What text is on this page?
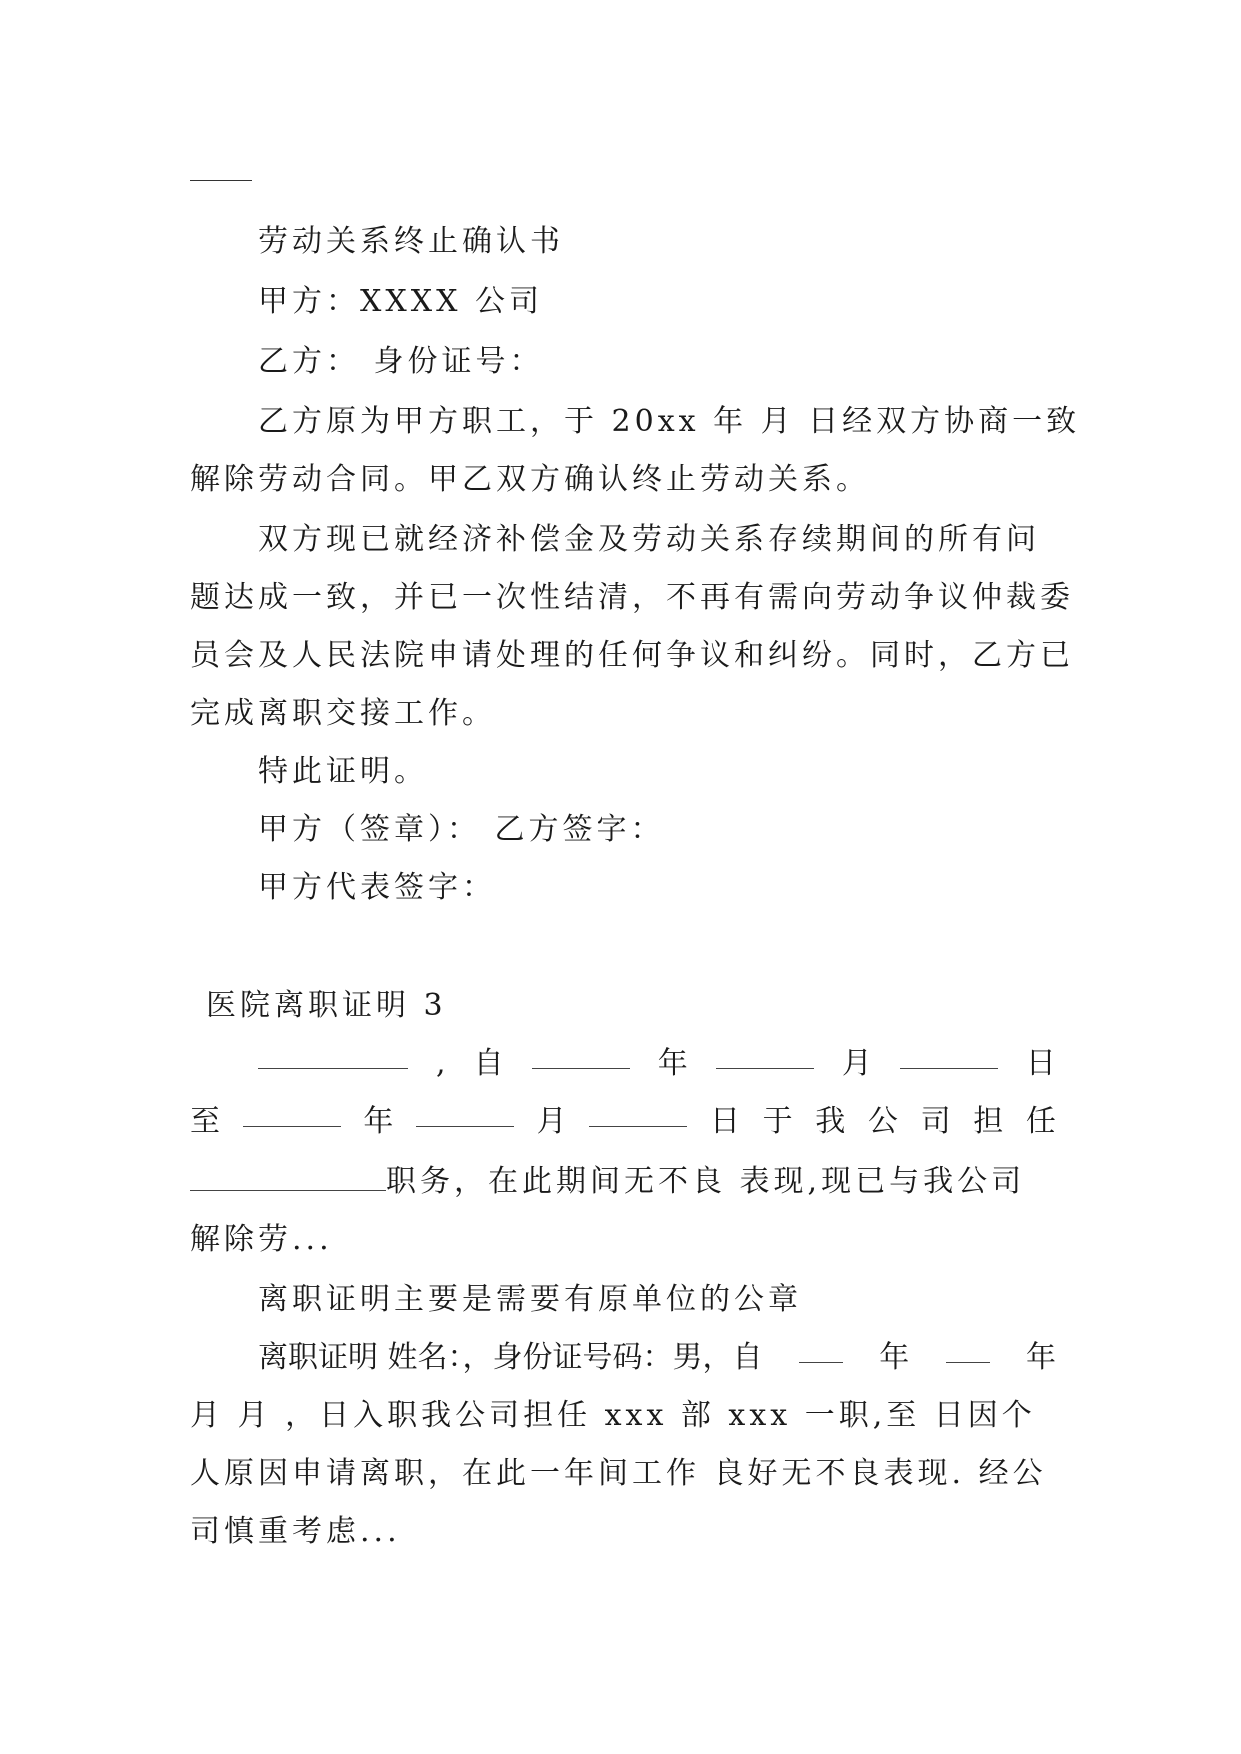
劳动关系终止确认书
甲方：XXXX 公司
乙方： 身份证号：
乙方原为甲方职工，于 20xx 年 月 日经双方协商一致
解除劳动合同。甲乙双方确认终止劳动关系。
双方现已就经济补偿金及劳动关系存续期间的所有问
题达成一致，并已一次性结清，不再有需向劳动争议仲裁委
员会及人民法院申请处理的任何争议和纠纷。同时，乙方已
完成离职交接工作。
特此证明。
甲方（签章）： 乙方签字：
甲方代表签字：
医院离职证明 3
, 自	年	月	日
至	年	月	日 于 我 公 司 担 任
职务，在此期间无不良 表现,现已与我公司
解除劳...
离职证明主要是需要有原单位的公章
离职证明 姓名：，身份证号码：男，自	年	年
月 月 ，日入职我公司担任 xxx 部 xxx 一职,至 日因个
人原因申请离职，在此一年间工作 良好无不良表现. 经公
司慎重考虑...
